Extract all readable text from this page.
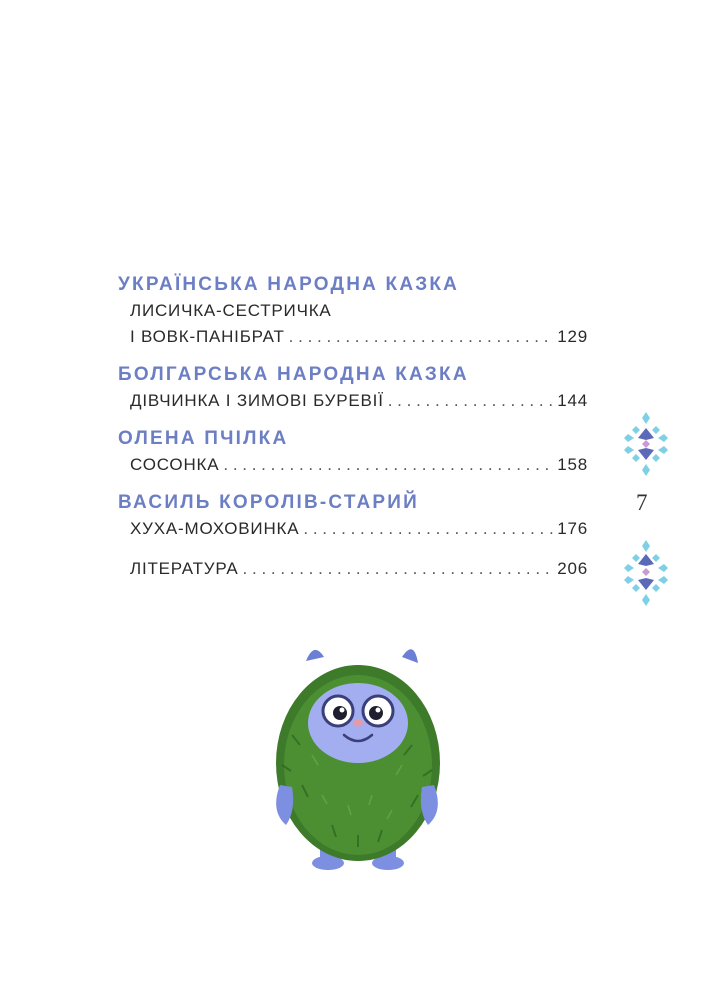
УКРАЇНСЬКА НАРОДНА КАЗКА
ЛИСИЧКА-СЕСТРИЧКА
І ВОВК-ПАНІБРАТ . . .	129
БОЛГАРСЬКА НАРОДНА КАЗКА
ДІВЧИНКА І ЗИМОВІ БУРЕВІЇ . . .	144
ОЛЕНА ПЧІЛКА
СОСОНКА . . .	158
ВАСИЛЬ КОРОЛІВ-СТАРИЙ
ХУХА-МОХОВИНКА . . .	176
ЛІТЕРАТУРА . . .	206
7
